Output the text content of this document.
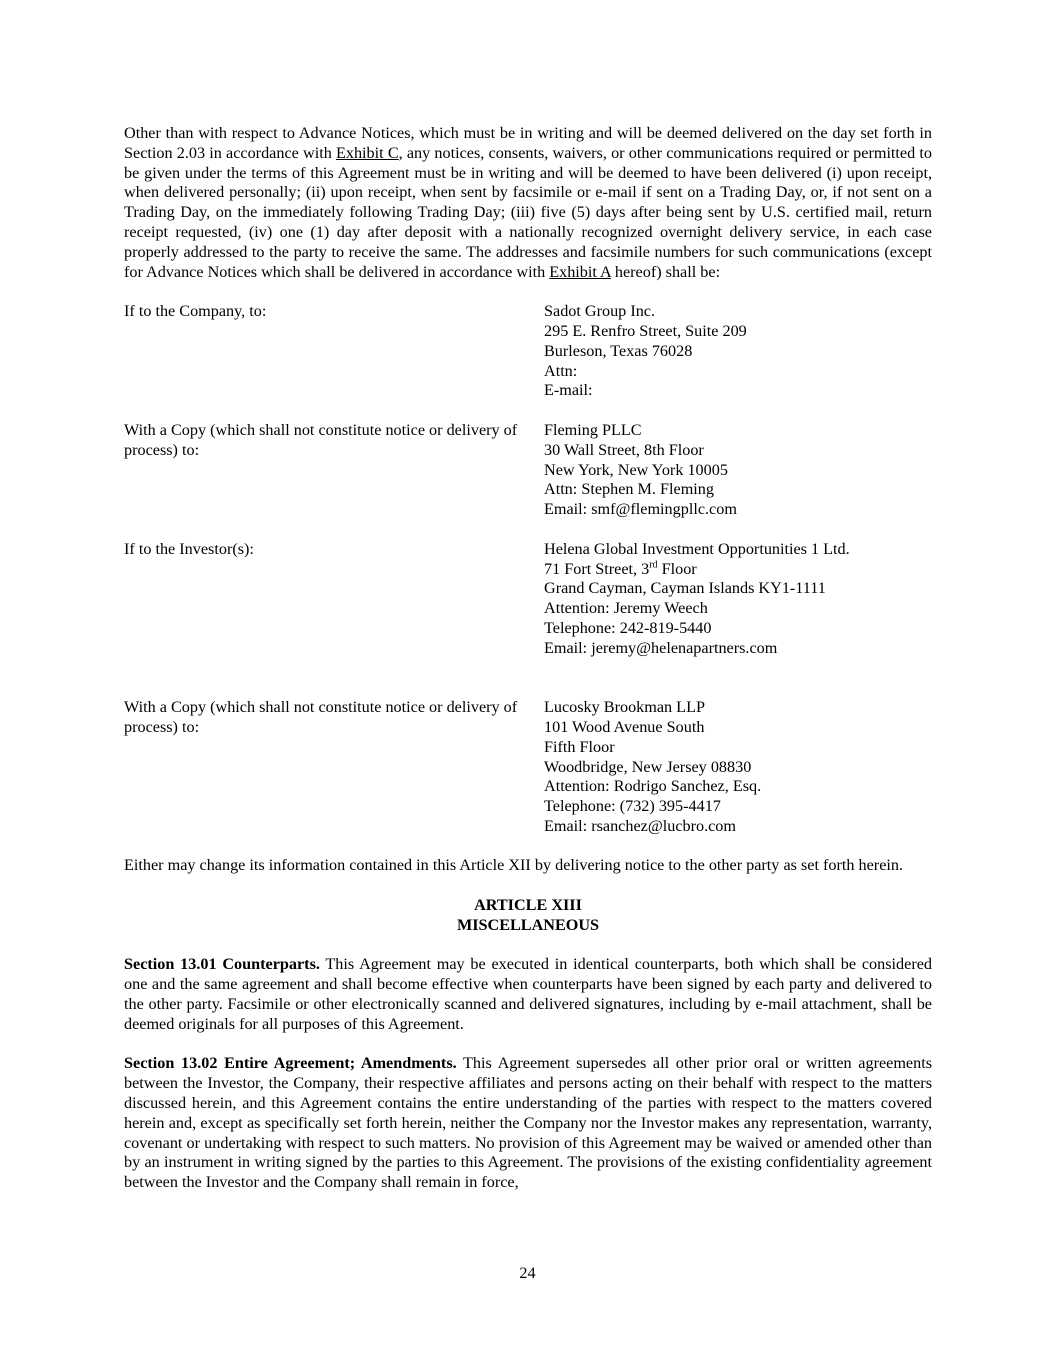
Other than with respect to Advance Notices, which must be in writing and will be deemed delivered on the day set forth in Section 2.03 in accordance with Exhibit C, any notices, consents, waivers, or other communications required or permitted to be given under the terms of this Agreement must be in writing and will be deemed to have been delivered (i) upon receipt, when delivered personally; (ii) upon receipt, when sent by facsimile or e-mail if sent on a Trading Day, or, if not sent on a Trading Day, on the immediately following Trading Day; (iii) five (5) days after being sent by U.S. certified mail, return receipt requested, (iv) one (1) day after deposit with a nationally recognized overnight delivery service, in each case properly addressed to the party to receive the same. The addresses and facsimile numbers for such communications (except for Advance Notices which shall be delivered in accordance with Exhibit A hereof) shall be:

If to the Company, to:	Sadot Group Inc.
295 E. Renfro Street, Suite 209
Burleson, Texas 76028
Attn:
E-mail:
With a Copy (which shall not constitute notice or delivery of process) to:
Fleming PLLC
30 Wall Street, 8th Floor
New York, New York 10005
Attn: Stephen M. Fleming
Email: smf@flemingpllc.com
If to the Investor(s):	Helena Global Investment Opportunities 1 Ltd.
71 Fort Street, 3rd Floor
Grand Cayman, Cayman Islands KY1-1111
Attention: Jeremy Weech
Telephone: 242-819-5440
Email: jeremy@helenapartners.com
With a Copy (which shall not constitute notice or delivery of process) to:
Lucosky Brookman LLP
101 Wood Avenue South
Fifth Floor
Woodbridge, New Jersey 08830
Attention: Rodrigo Sanchez, Esq.
Telephone: (732) 395-4417
Email: rsanchez@lucbro.com

Either may change its information contained in this Article XII by delivering notice to the other party as set forth herein.

ARTICLE XIII
MISCELLANEOUS

Section 13.01 Counterparts. This Agreement may be executed in identical counterparts, both which shall be considered one and the same agreement and shall become effective when counterparts have been signed by each party and delivered to the other party. Facsimile or other electronically scanned and delivered signatures, including by e-mail attachment, shall be deemed originals for all purposes of this Agreement.

Section 13.02 Entire Agreement; Amendments. This Agreement supersedes all other prior oral or written agreements between the Investor, the Company, their respective affiliates and persons acting on their behalf with respect to the matters discussed herein, and this Agreement contains the entire understanding of the parties with respect to the matters covered herein and, except as specifically set forth herein, neither the Company nor the Investor makes any representation, warranty, covenant or undertaking with respect to such matters. No provision of this Agreement may be waived or amended other than by an instrument in writing signed by the parties to this Agreement. The provisions of the existing confidentiality agreement between the Investor and the Company shall remain in force,

24
